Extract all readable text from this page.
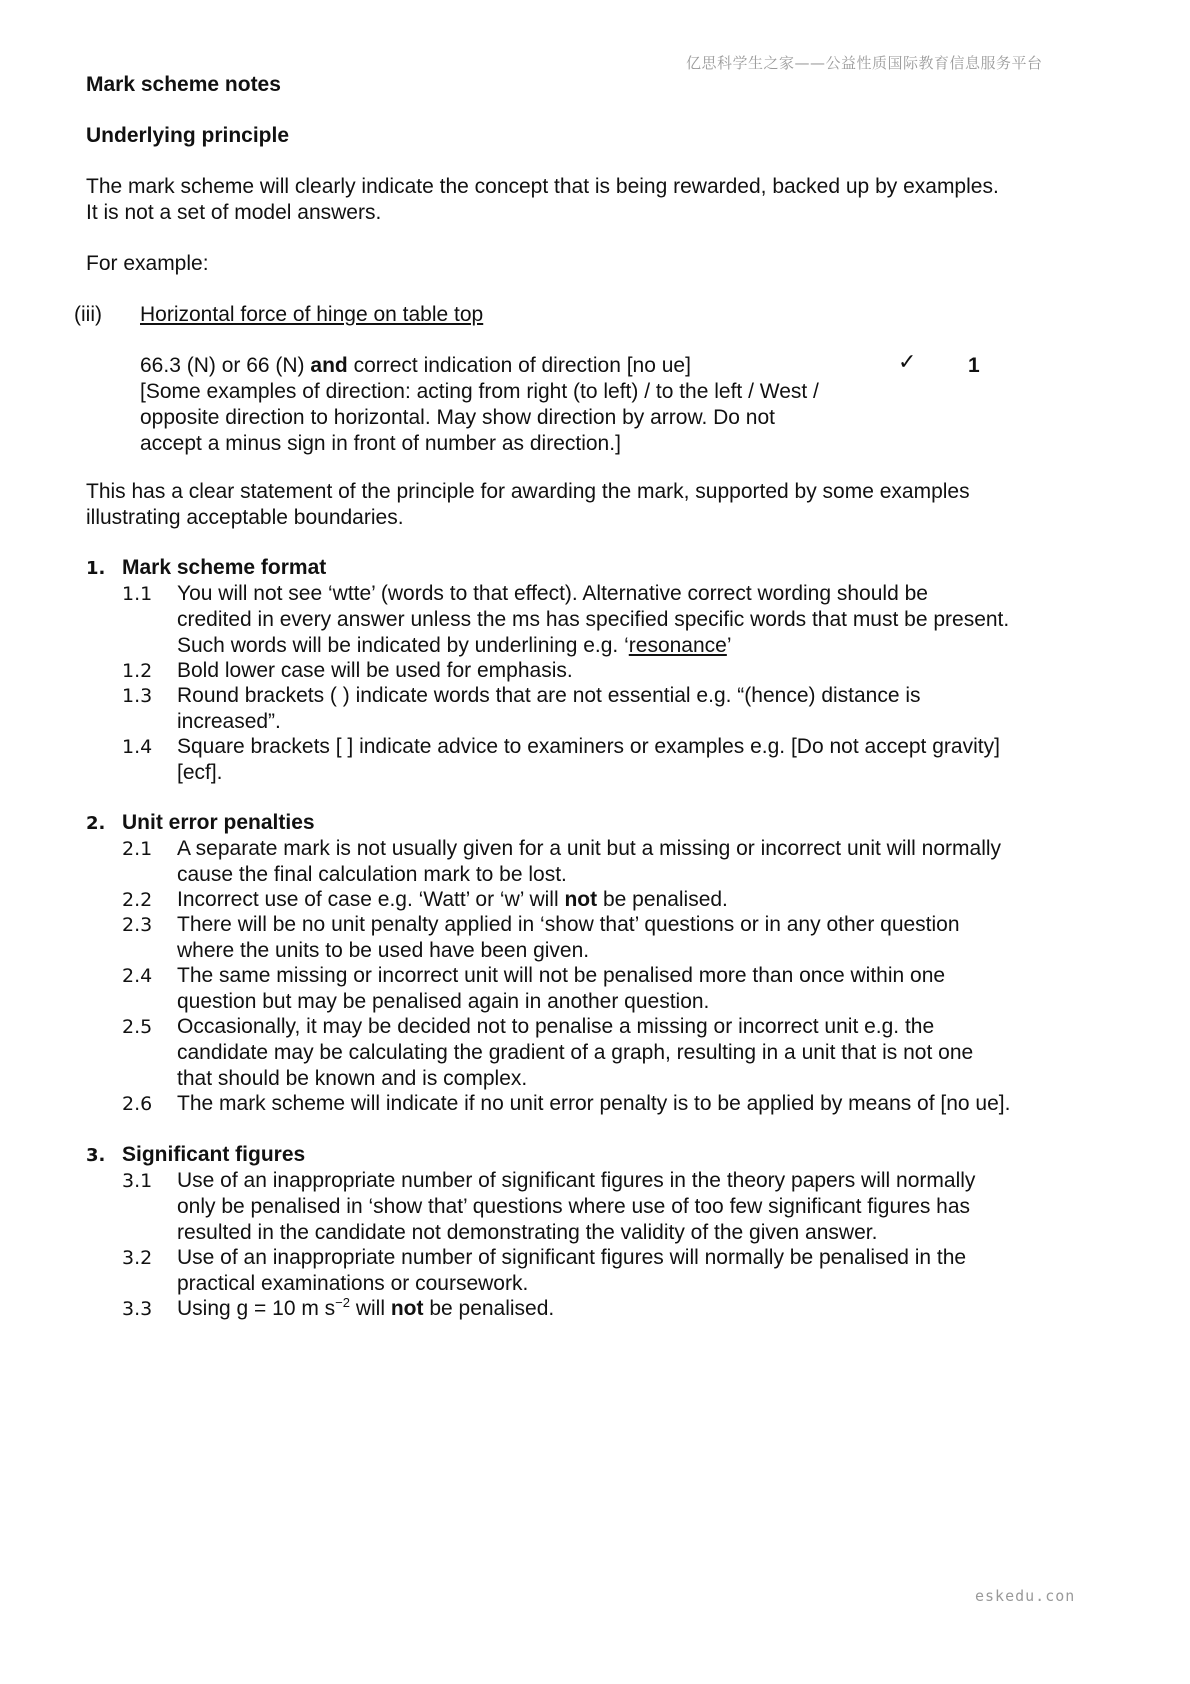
亿思科学生之家——公益性质国际教育信息服务平台
Mark scheme notes
Underlying principle
The mark scheme will clearly indicate the concept that is being rewarded, backed up by examples.
It is not a set of model answers.
For example:
(iii) Horizontal force of hinge on table top
66.3 (N) or 66 (N) and correct indication of direction [no ue]
[Some examples of direction: acting from right (to left) / to the left / West /
opposite direction to horizontal. May show direction by arrow. Do not
accept a minus sign in front of number as direction.]
✓ 1
This has a clear statement of the principle for awarding the mark, supported by some examples
illustrating acceptable boundaries.
1. Mark scheme format
1.1 You will not see ‘wtte’ (words to that effect). Alternative correct wording should be
credited in every answer unless the ms has specified specific words that must be present.
Such words will be indicated by underlining e.g. ‘resonance’
1.2 Bold lower case will be used for emphasis.
1.3 Round brackets ( ) indicate words that are not essential e.g. “(hence) distance is
increased”.
1.4 Square brackets [ ] indicate advice to examiners or examples e.g. [Do not accept gravity]
[ecf].
2. Unit error penalties
2.1 A separate mark is not usually given for a unit but a missing or incorrect unit will normally
cause the final calculation mark to be lost.
2.2 Incorrect use of case e.g. ‘Watt’ or ‘w’ will not be penalised.
2.3 There will be no unit penalty applied in ‘show that’ questions or in any other question
where the units to be used have been given.
2.4 The same missing or incorrect unit will not be penalised more than once within one
question but may be penalised again in another question.
2.5 Occasionally, it may be decided not to penalise a missing or incorrect unit e.g. the
candidate may be calculating the gradient of a graph, resulting in a unit that is not one
that should be known and is complex.
2.6 The mark scheme will indicate if no unit error penalty is to be applied by means of [no ue].
3. Significant figures
3.1 Use of an inappropriate number of significant figures in the theory papers will normally
only be penalised in ‘show that’ questions where use of too few significant figures has
resulted in the candidate not demonstrating the validity of the given answer.
3.2 Use of an inappropriate number of significant figures will normally be penalised in the
practical examinations or coursework.
3.3 Using g = 10 m $s^{-2}$ will not be penalised.
eskedu.con
